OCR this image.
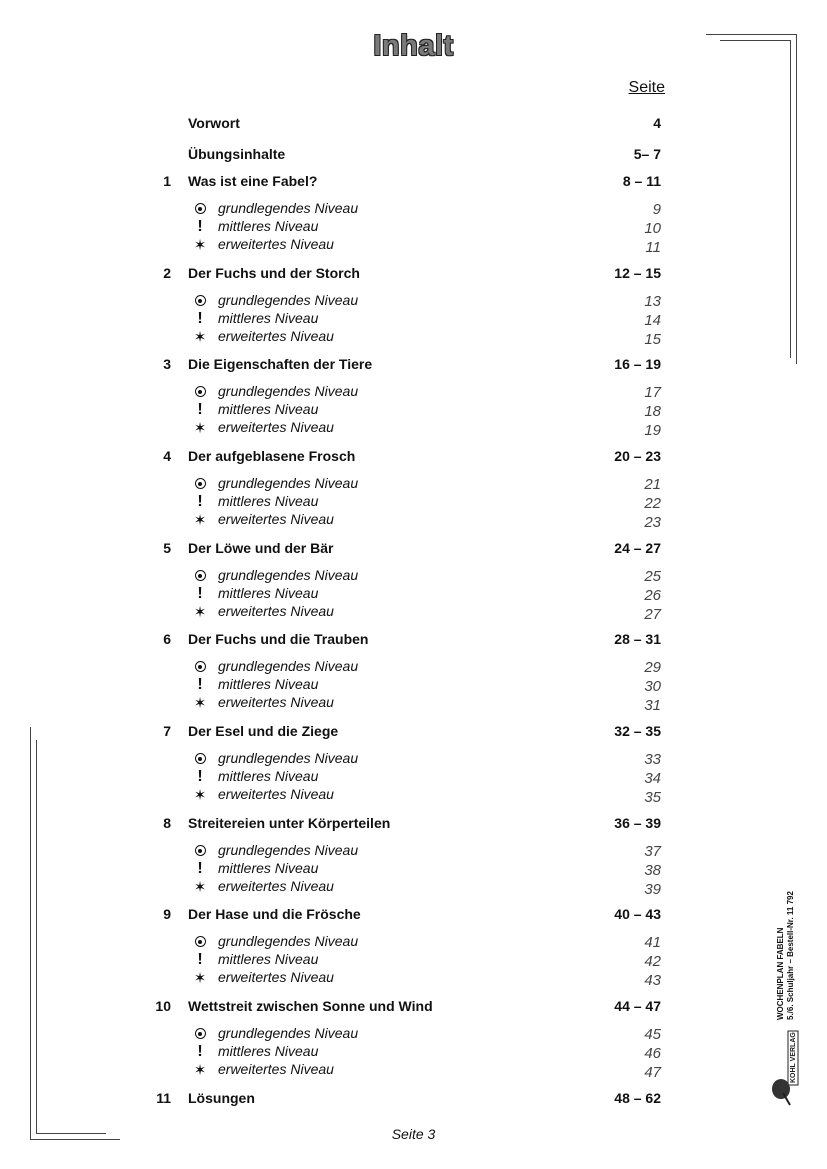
Inhalt
Seite
Vorwort	4
Übungsinhalte	5– 7
1 Was ist eine Fabel?	8 – 11
grundlegendes Niveau	9
!	mittleres Niveau	10
✶ erweitertes Niveau	11
2 Der Fuchs und der Storch	12 – 15
grundlegendes Niveau	13
!	mittleres Niveau	14
✶ erweitertes Niveau	15
3 Die Eigenschaften der Tiere	16 – 19
grundlegendes Niveau	17
!	mittleres Niveau	18
✶ erweitertes Niveau	19
4 Der aufgeblasene Frosch	20 – 23
grundlegendes Niveau	21
!	mittleres Niveau	22
✶ erweitertes Niveau	23
5 Der Löwe und der Bär	24 – 27
grundlegendes Niveau	25
!	mittleres Niveau	26
✶ erweitertes Niveau	27
6 Der Fuchs und die Trauben	28 – 31
grundlegendes Niveau	29
!	mittleres Niveau	30
✶ erweitertes Niveau	31
7 Der Esel und die Ziege	32 – 35
grundlegendes Niveau	33
!	mittleres Niveau	34
✶ erweitertes Niveau	35
8 Streitereien unter Körperteilen	36 – 39
grundlegendes Niveau	37
!	mittleres Niveau	38
✶ erweitertes Niveau	39
9 Der Hase und die Frösche	40 – 43
grundlegendes Niveau	41
!	mittleres Niveau	42
✶ erweitertes Niveau	43
10 Wettstreit zwischen Sonne und Wind	44 – 47
grundlegendes Niveau	45
!	mittleres Niveau	46
✶ erweitertes Niveau	47
11 Lösungen	48 – 62
Seite 3
WOCHENPLAN FABELN 5./6. Schuljahr – Bestell-Nr. 11 792
KOHL VERLAG
